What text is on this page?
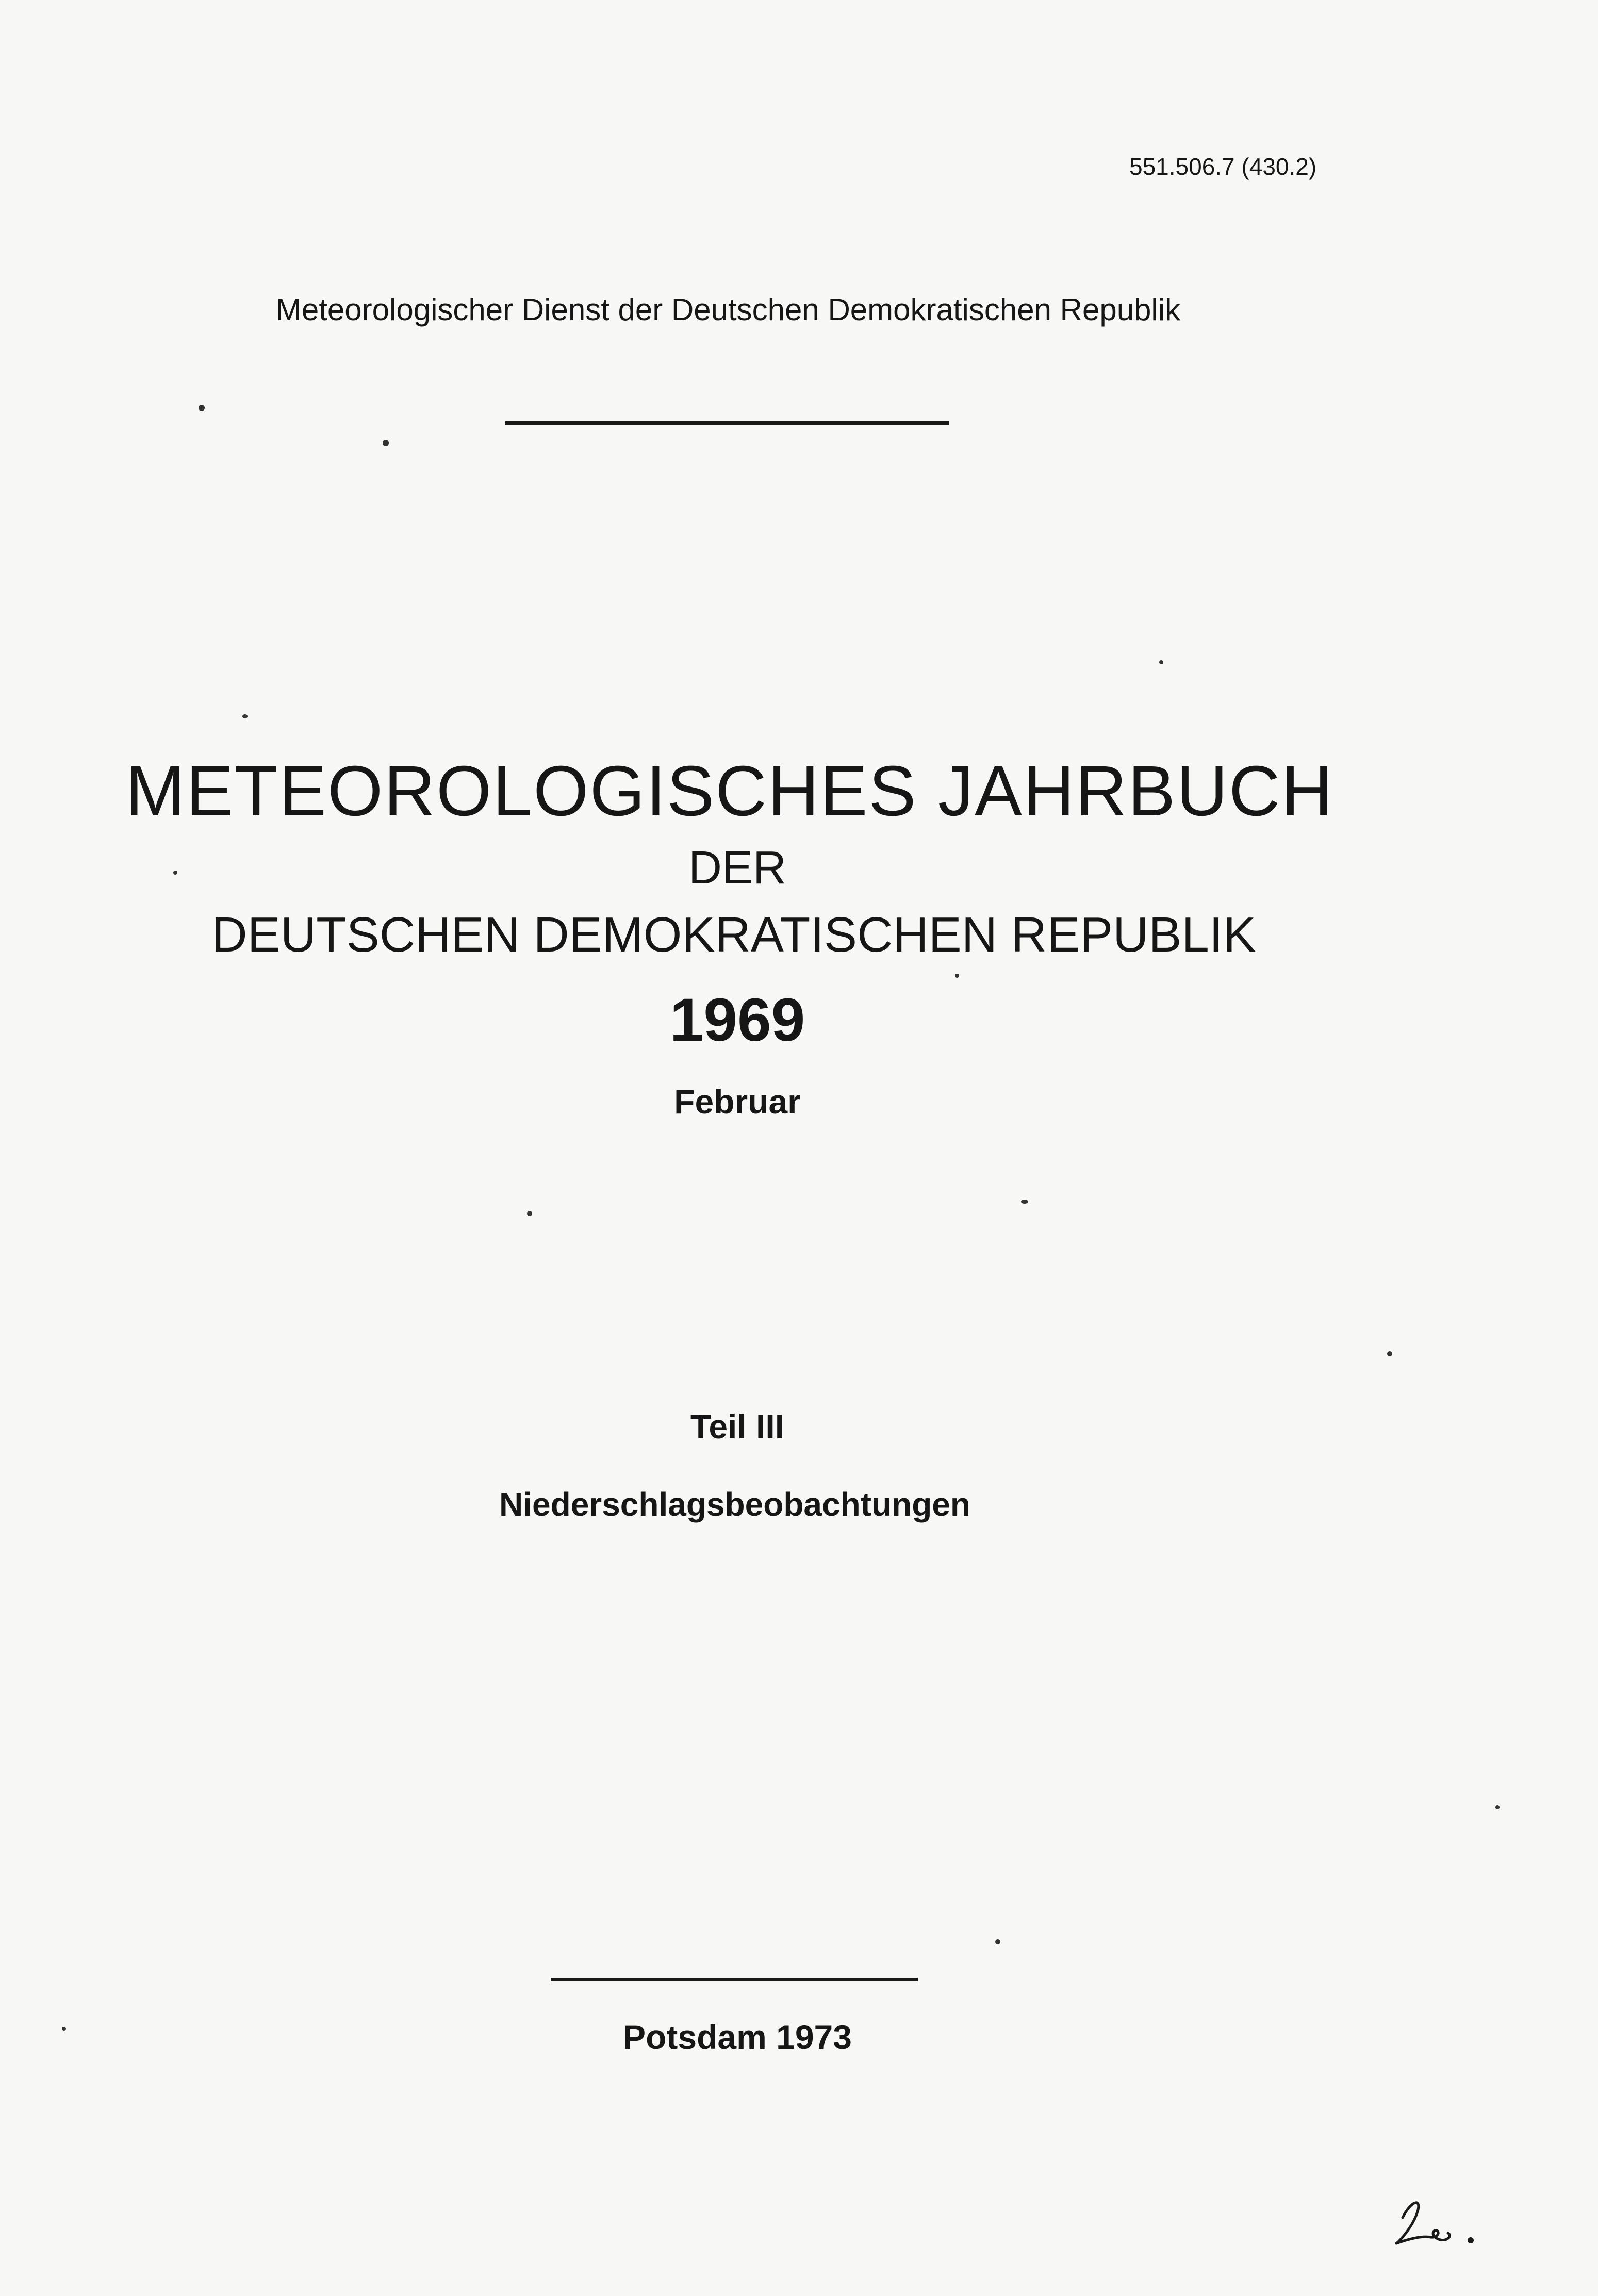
551.506.7 (430.2)
Meteorologischer Dienst der Deutschen Demokratischen Republik
METEOROLOGISCHES JAHRBUCH
DER
DEUTSCHEN DEMOKRATISCHEN REPUBLIK
1969
Februar
Teil III
Niederschlagsbeobachtungen
Potsdam 1973
